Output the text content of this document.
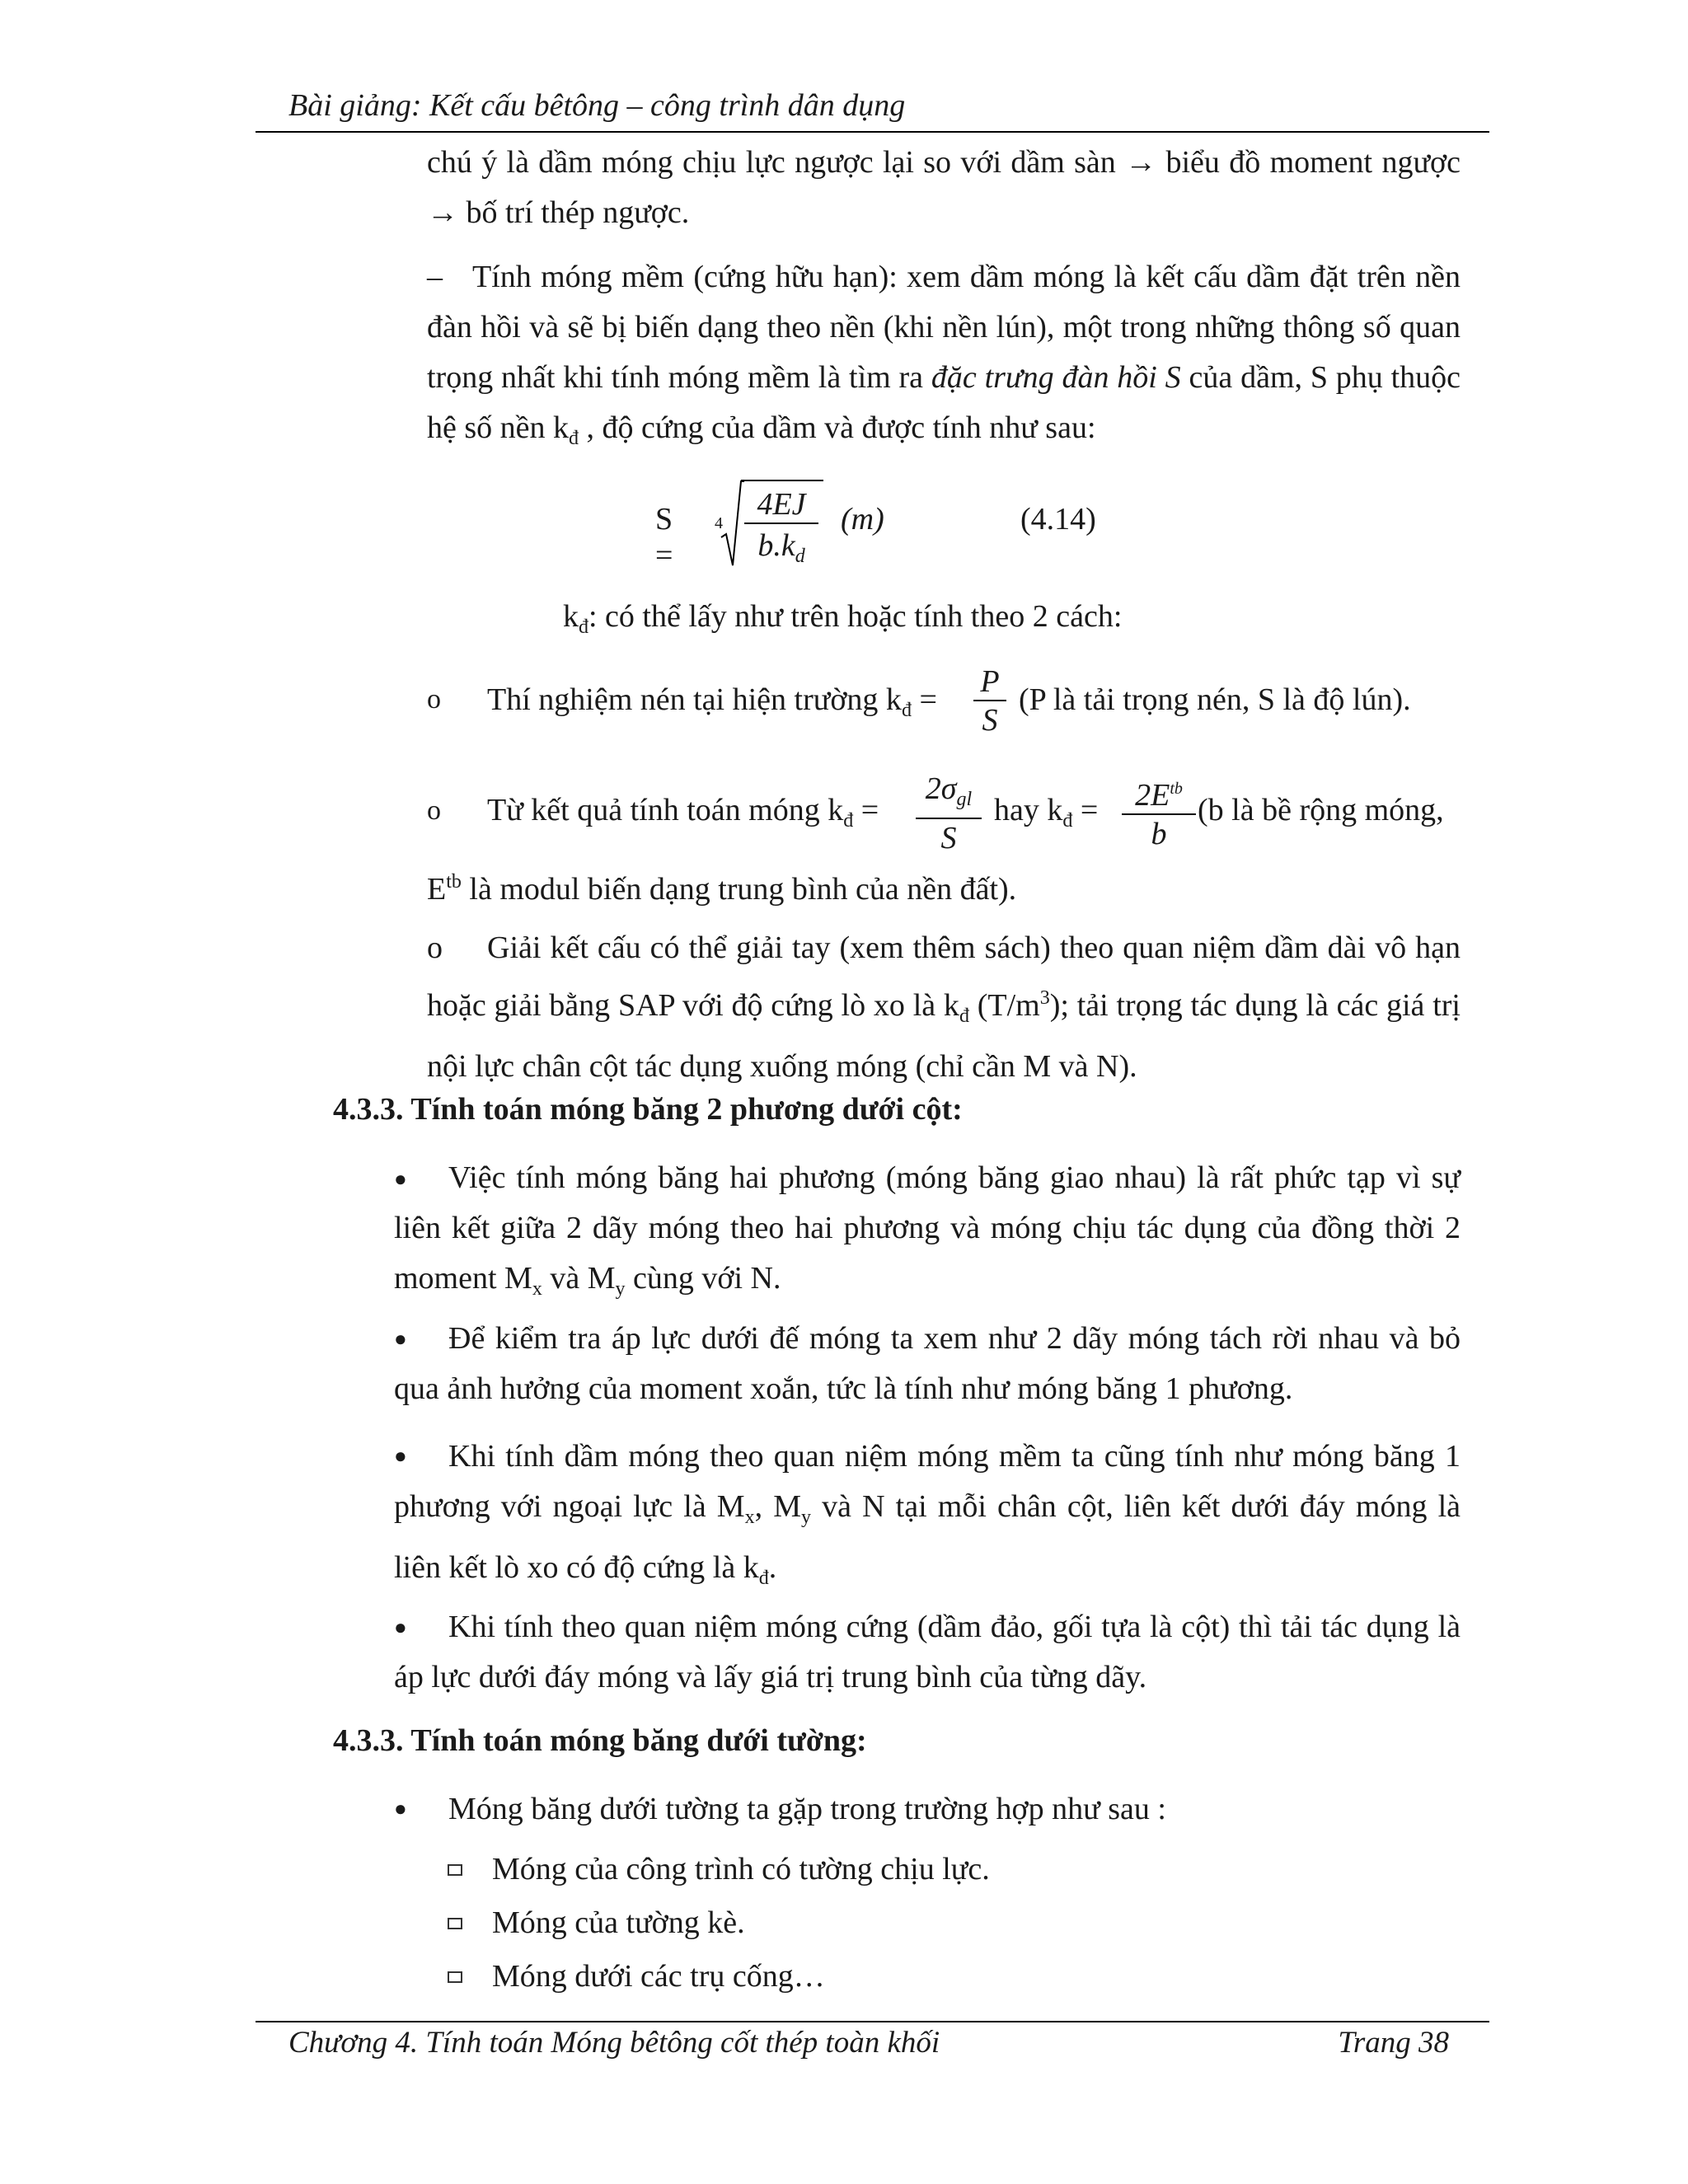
Bài giảng: Kết cấu bêtông – công trình dân dụng
chú ý là dầm móng chịu lực ngược lại so với dầm sàn → biểu đồ moment ngược → bố trí thép ngược.
– Tính móng mềm (cứng hữu hạn): xem dầm móng là kết cấu dầm đặt trên nền đàn hồi và sẽ bị biến dạng theo nền (khi nền lún), một trong những thông số quan trọng nhất khi tính móng mềm là tìm ra đặc trưng đàn hồi S của dầm, S phụ thuộc hệ số nền $k_đ$ , độ cứng của dầm và được tính như sau:
S =
4
4EJ
$b.k_d$
(m)	(4.14)
$k_đ$: có thể lấy như trên hoặc tính theo 2 cách:
o Thí nghiệm nén tại hiện trường $k_đ$ =
P
S
(P là tải trọng nén, S là độ lún).
o Từ kết quả tính toán móng $k_đ$ =
$2\sigma_{gl}$
S
hay $k_đ$ =	$2E^{tb}$
b
(b là bề rộng móng,
$E^{tb}$ là modul biến dạng trung bình của nền đất).
o Giải kết cấu có thể giải tay (xem thêm sách) theo quan niệm dầm dài vô hạn hoặc giải bằng SAP với độ cứng lò xo là $k_đ$ $(T/m^3)$; tải trọng tác dụng là các giá trị nội lực chân cột tác dụng xuống móng (chỉ cần M và N).
4.3.3. Tính toán móng băng 2 phương dưới cột:
●	Việc tính móng băng hai phương (móng băng giao nhau) là rất phức tạp vì sự liên kết giữa 2 dãy móng theo hai phương và móng chịu tác dụng của đồng thời 2 moment $M_x$ và $M_y$ cùng với N.
●	Để kiểm tra áp lực dưới đế móng ta xem như 2 dãy móng tách rời nhau và bỏ qua ảnh hưởng của moment xoắn, tức là tính như móng băng 1 phương.
●	Khi tính dầm móng theo quan niệm móng mềm ta cũng tính như móng băng 1 phương với ngoại lực là $M_x$, $M_y$ và N tại mỗi chân cột, liên kết dưới đáy móng là liên kết lò xo có độ cứng là $k_đ$.
●	Khi tính theo quan niệm móng cứng (dầm đảo, gối tựa là cột) thì tải tác dụng là áp lực dưới đáy móng và lấy giá trị trung bình của từng dãy.
4.3.3. Tính toán móng băng dưới tường:
● Móng băng dưới tường ta gặp trong trường hợp như sau :
Móng của công trình có tường chịu lực.
Móng của tường kè.
Móng dưới các trụ cống…
Chương 4. Tính toán Móng bêtông cốt thép toàn khối	Trang 38
